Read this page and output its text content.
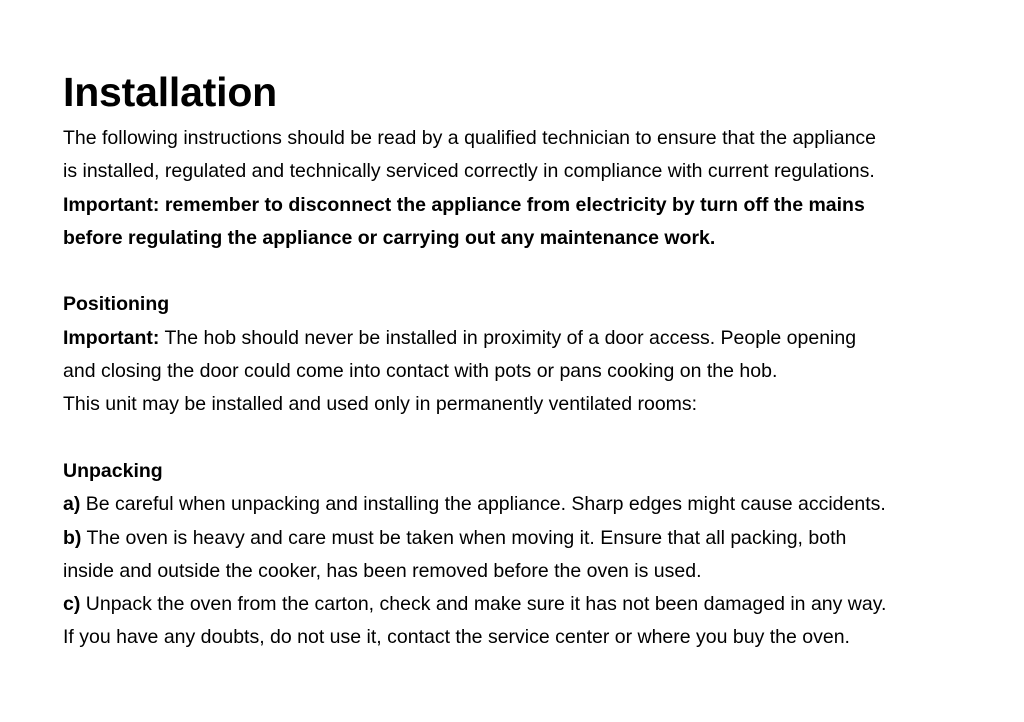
Installation
The following instructions should be read by a qualified technician to ensure that the appliance
is installed, regulated and technically serviced correctly in compliance with current regulations.
Important: remember to disconnect the appliance from electricity by turn off the mains
before regulating the appliance or carrying out any maintenance work.
Positioning
Important: The hob should never be installed in proximity of a door access. People opening
and closing the door could come into contact with pots or pans cooking on the hob.
This unit may be installed and used only in permanently ventilated rooms:
Unpacking
a) Be careful when unpacking and installing the appliance. Sharp edges might cause accidents.
b) The oven is heavy and care must be taken when moving it. Ensure that all packing, both
inside and outside the cooker, has been removed before the oven is used.
c) Unpack the oven from the carton, check and make sure it has not been damaged in any way.
If you have any doubts, do not use it, contact the service center or where you buy the oven.
